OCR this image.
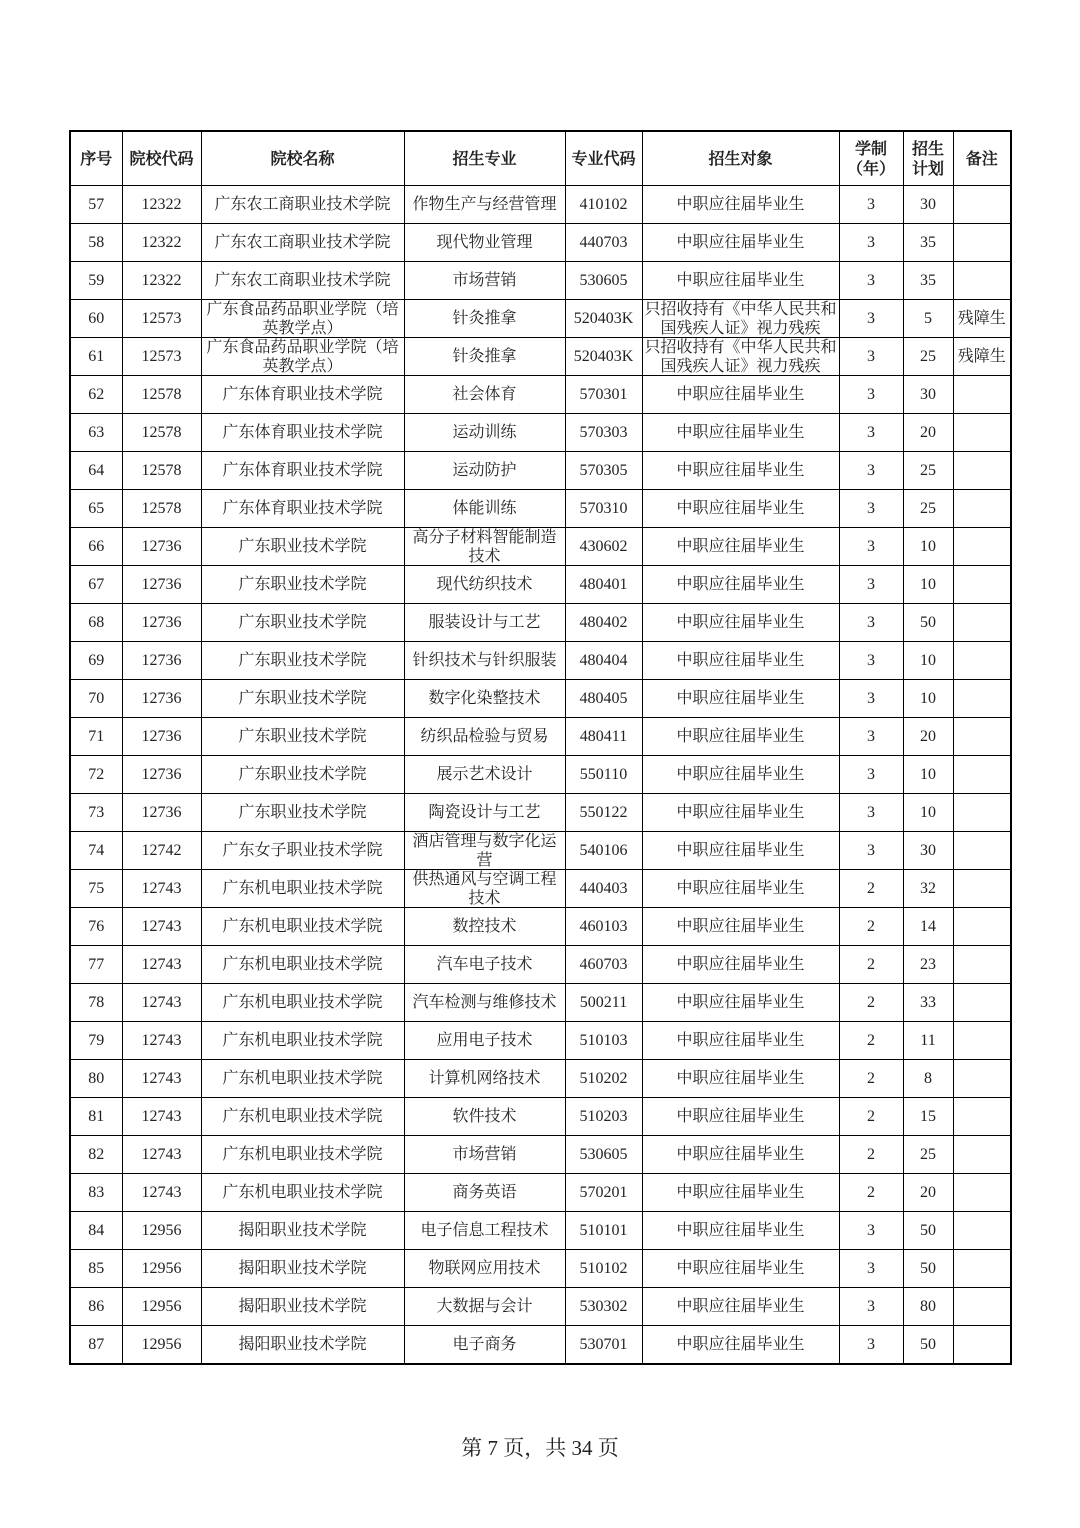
序号	院校代码	院校名称	招生专业	专业代码	招生对象	学制（年）	招生计划	备注

57	12322	广东农工商职业技术学院	作物生产与经营管理	410102	中职应往届毕业生	3	30	

58	12322	广东农工商职业技术学院	现代物业管理	440703	中职应往届毕业生	3	35	

59	12322	广东农工商职业技术学院	市场营销	530605	中职应往届毕业生	3	35	

60	12573	广东食品药品职业学院（培英教学点）	针灸推拿	520403K	只招收持有《中华人民共和国残疾人证》视力残疾	3	5	残障生

61	12573	广东食品药品职业学院（培英教学点）	针灸推拿	520403K	只招收持有《中华人民共和国残疾人证》视力残疾	3	25	残障生

62	12578	广东体育职业技术学院	社会体育	570301	中职应往届毕业生	3	30	

63	12578	广东体育职业技术学院	运动训练	570303	中职应往届毕业生	3	20	

64	12578	广东体育职业技术学院	运动防护	570305	中职应往届毕业生	3	25	

65	12578	广东体育职业技术学院	体能训练	570310	中职应往届毕业生	3	25	

66	12736	广东职业技术学院	高分子材料智能制造技术	430602	中职应往届毕业生	3	10	

67	12736	广东职业技术学院	现代纺织技术	480401	中职应往届毕业生	3	10	

68	12736	广东职业技术学院	服装设计与工艺	480402	中职应往届毕业生	3	50	

69	12736	广东职业技术学院	针织技术与针织服装	480404	中职应往届毕业生	3	10	

70	12736	广东职业技术学院	数字化染整技术	480405	中职应往届毕业生	3	10	

71	12736	广东职业技术学院	纺织品检验与贸易	480411	中职应往届毕业生	3	20	

72	12736	广东职业技术学院	展示艺术设计	550110	中职应往届毕业生	3	10	

73	12736	广东职业技术学院	陶瓷设计与工艺	550122	中职应往届毕业生	3	10	

74	12742	广东女子职业技术学院	酒店管理与数字化运营	540106	中职应往届毕业生	3	30	

75	12743	广东机电职业技术学院	供热通风与空调工程技术	440403	中职应往届毕业生	2	32	

76	12743	广东机电职业技术学院	数控技术	460103	中职应往届毕业生	2	14	

77	12743	广东机电职业技术学院	汽车电子技术	460703	中职应往届毕业生	2	23	

78	12743	广东机电职业技术学院	汽车检测与维修技术	500211	中职应往届毕业生	2	33	

79	12743	广东机电职业技术学院	应用电子技术	510103	中职应往届毕业生	2	11	

80	12743	广东机电职业技术学院	计算机网络技术	510202	中职应往届毕业生	2	8	

81	12743	广东机电职业技术学院	软件技术	510203	中职应往届毕业生	2	15	

82	12743	广东机电职业技术学院	市场营销	530605	中职应往届毕业生	2	25	

83	12743	广东机电职业技术学院	商务英语	570201	中职应往届毕业生	2	20	

84	12956	揭阳职业技术学院	电子信息工程技术	510101	中职应往届毕业生	3	50	

85	12956	揭阳职业技术学院	物联网应用技术	510102	中职应往届毕业生	3	50	

86	12956	揭阳职业技术学院	大数据与会计	530302	中职应往届毕业生	3	80	

87	12956	揭阳职业技术学院	电子商务	530701	中职应往届毕业生	3	50	

第 7 页，共 34 页
